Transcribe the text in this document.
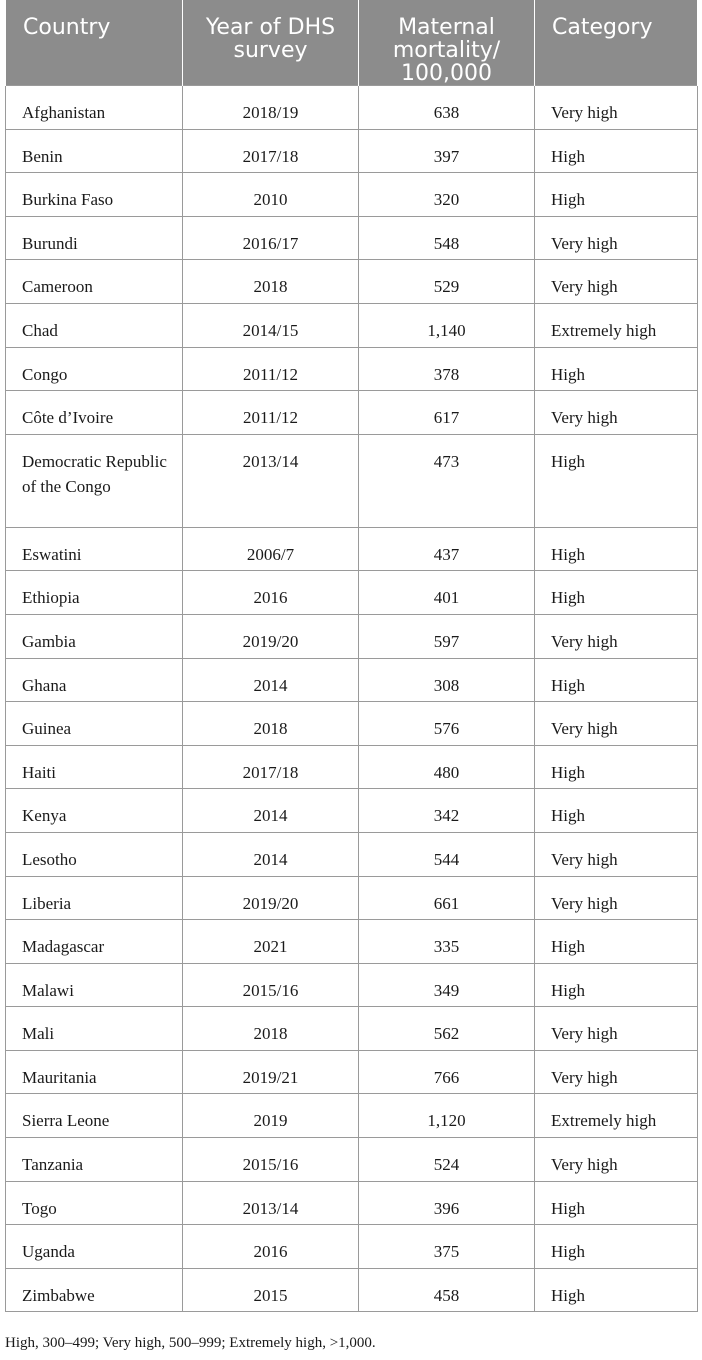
Country	Year of DHS survey	Maternal mortality/ 100,000	Category
Afghanistan	2018/19	638	Very high
Benin	2017/18	397	High
Burkina Faso	2010	320	High
Burundi	2016/17	548	Very high
Cameroon	2018	529	Very high
Chad	2014/15	1,140	Extremely high
Congo	2011/12	378	High
Côte d’Ivoire	2011/12	617	Very high
Democratic Republic of the Congo	2013/14	473	High
Eswatini	2006/7	437	High
Ethiopia	2016	401	High
Gambia	2019/20	597	Very high
Ghana	2014	308	High
Guinea	2018	576	Very high
Haiti	2017/18	480	High
Kenya	2014	342	High
Lesotho	2014	544	Very high
Liberia	2019/20	661	Very high
Madagascar	2021	335	High
Malawi	2015/16	349	High
Mali	2018	562	Very high
Mauritania	2019/21	766	Very high
Sierra Leone	2019	1,120	Extremely high
Tanzania	2015/16	524	Very high
Togo	2013/14	396	High
Uganda	2016	375	High
Zimbabwe	2015	458	High
High, 300–499; Very high, 500–999; Extremely high, >1,000.
